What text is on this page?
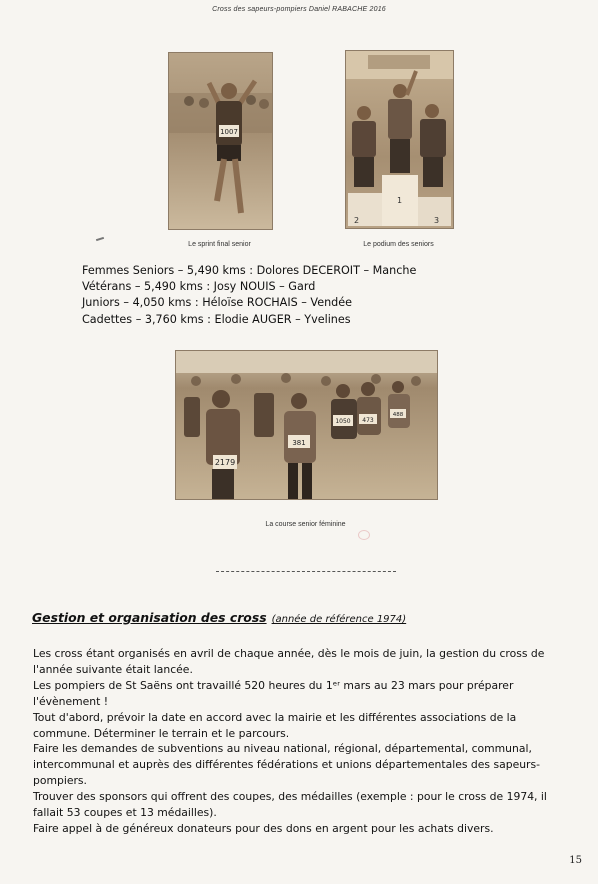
Cross des sapeurs-pompiers Daniel RABACHE 2016
1007
Le sprint final senior
2
1
3
Le podium des seniors
Femmes Seniors – 5,490 kms : Dolores DECEROIT – Manche
Vétérans – 5,490 kms : Josy NOUIS – Gard
Juniors – 4,050 kms : Héloïse ROCHAIS – Vendée
Cadettes – 3,760 kms : Elodie AUGER – Yvelines
2179
381
1050 473
488
La course senior féminine
Gestion et organisation des cross (année de référence 1974)

Les cross étant organisés en avril de chaque année, dès le mois de juin, la gestion du cross de l'année suivante était lancée.

Les pompiers de St Saëns ont travaillé 520 heures du 1ᵉʳ mars au 23 mars pour préparer l'évènement !

Tout d'abord, prévoir la date en accord avec la mairie et les différentes associations de la commune. Déterminer le terrain et le parcours.

Faire les demandes de subventions au niveau national, régional, départemental, communal, intercommunal et auprès des différentes fédérations et unions départementales des sapeurs-pompiers.

Trouver des sponsors qui offrent des coupes, des médailles (exemple : pour le cross de 1974, il fallait 53 coupes et 13 médailles).

Faire appel à de généreux donateurs pour des dons en argent pour les achats divers.

15
